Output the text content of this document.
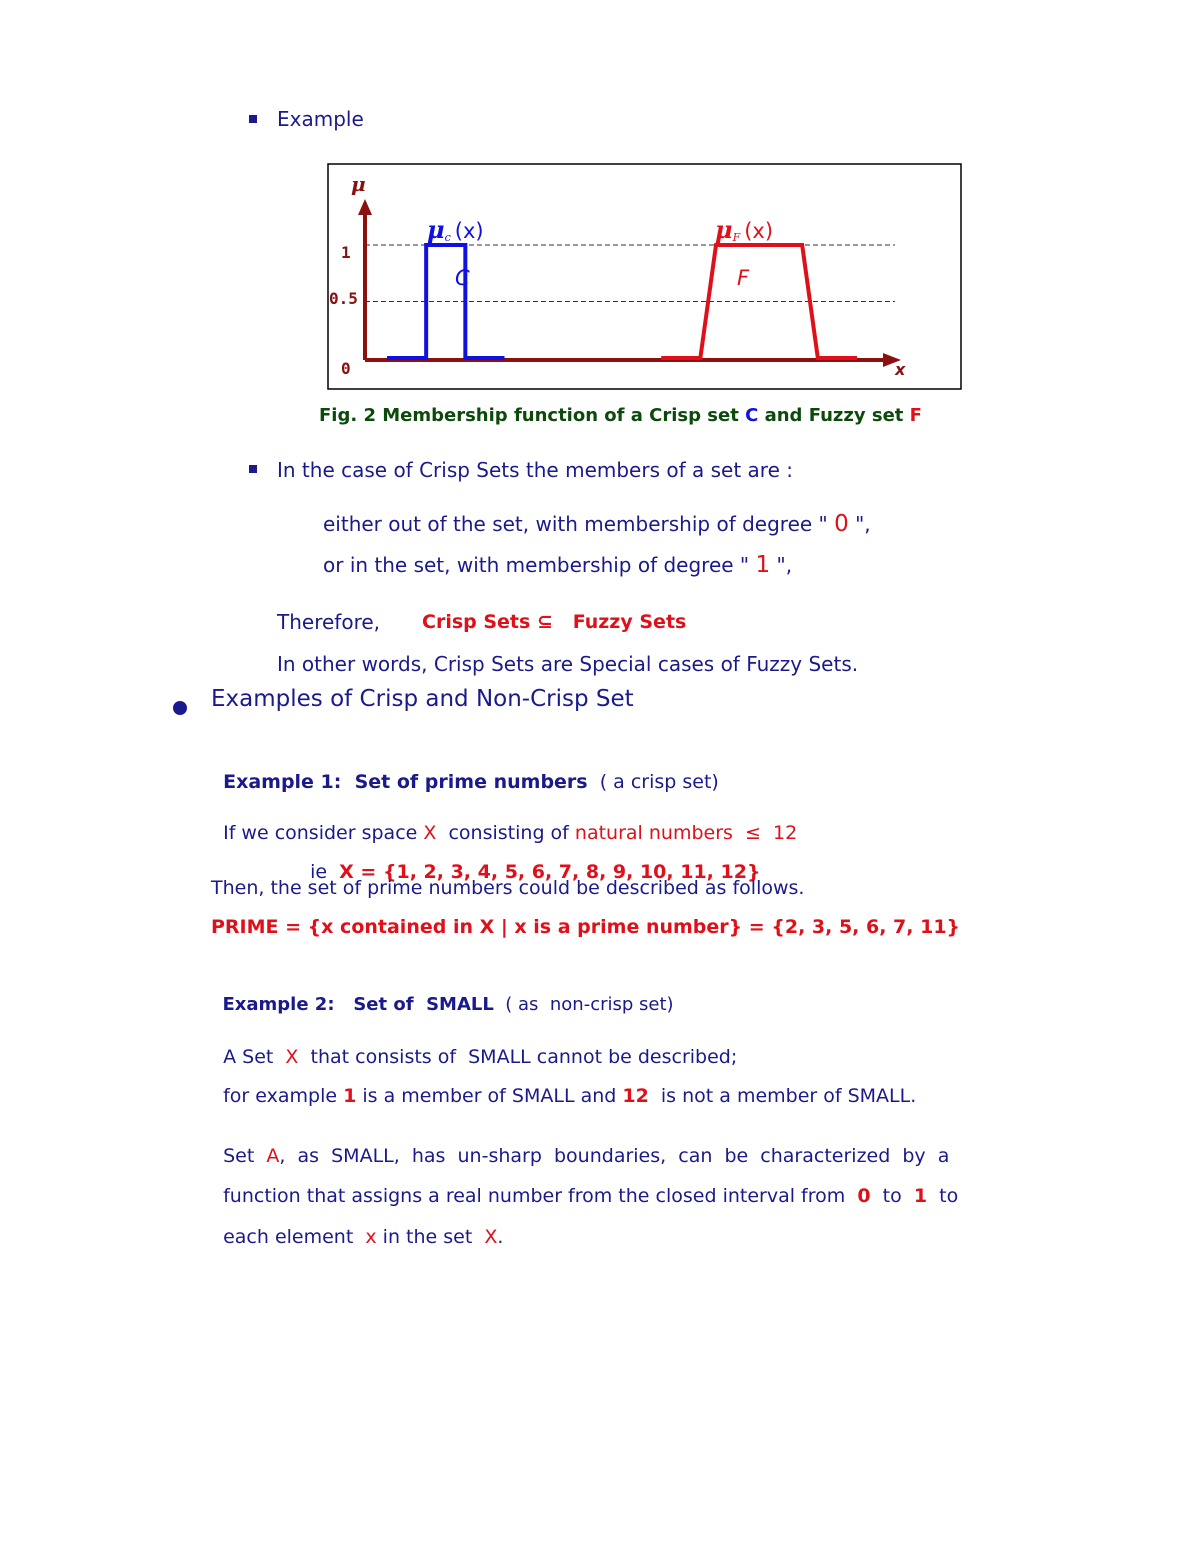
Example
μ
x
1
0.5
0
μc (x)
C
μF (x)
F
Fig. 2 Membership function of a Crisp set C and Fuzzy set F
In the case of Crisp Sets the members of a set are :
either out of the set, with membership of degree " 0 ",
or in the set, with membership of degree " 1 ",
Therefore, Crisp Sets ⊆   Fuzzy Sets
In other words, Crisp Sets are Special cases of Fuzzy Sets.
Examples of Crisp and Non-Crisp Set

Example 1:  Set of prime numbers  ( a crisp set)

If we consider space X  consisting of natural numbers  ≤  12

ie  X = {1, 2, 3, 4, 5, 6, 7, 8, 9, 10, 11, 12}

Then, the set of prime numbers could be described as follows.
PRIME = {x contained in X | x is a prime number} = {2, 3, 5, 6, 7, 11}

Example 2:   Set of  SMALL  ( as  non-crisp set)

A Set  X  that consists of  SMALL cannot be described;

for example 1 is a member of SMALL and 12  is not a member of SMALL.

Set  A,  as  SMALL,  has  un-sharp  boundaries,  can  be  characterized  by  a

function that assigns a real number from the closed interval from  0  to  1  to

each element  x in the set  X.
